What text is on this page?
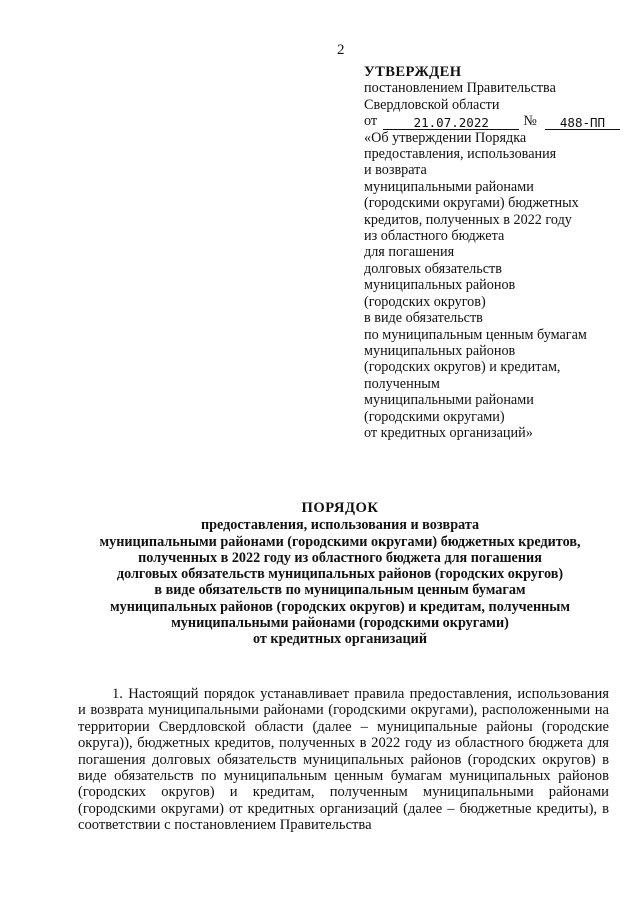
2
УТВЕРЖДЕН
постановлением Правительства
Свердловской области
от	21.07.2022	№	488-ПП
«Об утверждении Порядка
предоставления, использования
и возврата
муниципальными районами
(городскими округами) бюджетных
кредитов, полученных в 2022 году
из областного бюджета
для погашения
долговых обязательств
муниципальных районов
(городских округов)
в виде обязательств
по муниципальным ценным бумагам
муниципальных районов
(городских округов) и кредитам,
полученным
муниципальными районами
(городскими округами)
от кредитных организаций»
ПОРЯДОК
предоставления, использования и возврата
муниципальными районами (городскими округами) бюджетных кредитов,
полученных в 2022 году из областного бюджета для погашения
долговых обязательств муниципальных районов (городских округов)
в виде обязательств по муниципальным ценным бумагам
муниципальных районов (городских округов) и кредитам, полученным
муниципальными районами (городскими округами)
от кредитных организаций

1. Настоящий порядок устанавливает правила предоставления, использования и возврата муниципальными районами (городскими округами), расположенными на территории Свердловской области (далее – муниципальные районы (городские округа)), бюджетных кредитов, полученных в 2022 году из областного бюджета для погашения долговых обязательств муниципальных районов (городских округов) в виде обязательств по муниципальным ценным бумагам муниципальных районов (городских округов) и кредитам, полученным муниципальными районами (городскими округами) от кредитных организаций (далее – бюджетные кредиты), в соответствии с постановлением Правительства
